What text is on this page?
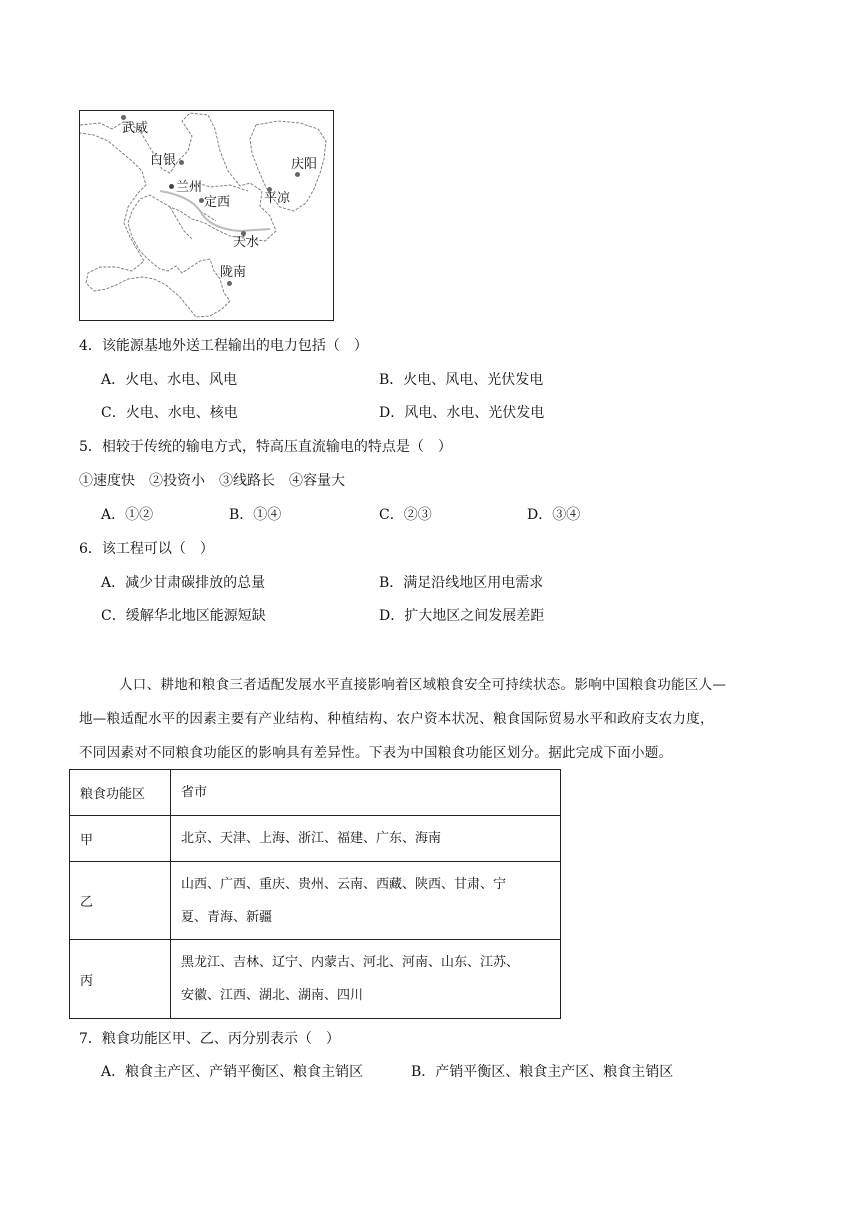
武威
白银
兰州
定西
庆阳
平凉
天水
陇南
4．该能源基地外送工程输出的电力包括（　）
A．火电、水电、风电	B．火电、风电、光伏发电
C．火电、水电、核电	D．风电、水电、光伏发电
5．相较于传统的输电方式，特高压直流输电的特点是（　）
①速度快　②投资小　③线路长　④容量大
A．①②	B．①④	C．②③	D．③④
6．该工程可以（　）
A．减少甘肃碳排放的总量	B．满足沿线地区用电需求
C．缓解华北地区能源短缺	D．扩大地区之间发展差距
人口、耕地和粮食三者适配发展水平直接影响着区域粮食安全可持续状态。影响中国粮食功能区人—
地—粮适配水平的因素主要有产业结构、种植结构、农户资本状况、粮食国际贸易水平和政府支农力度，
不同因素对不同粮食功能区的影响具有差异性。下表为中国粮食功能区划分。据此完成下面小题。
粮食功能区	省市
甲	北京、天津、上海、浙江、福建、广东、海南

乙	山西、广西、重庆、贵州、云南、西藏、陕西、甘肃、宁
夏、青海、新疆

丙	黑龙江、吉林、辽宁、内蒙古、河北、河南、山东、江苏、
安徽、江西、湖北、湖南、四川
7．粮食功能区甲、乙、丙分别表示（　）
A．粮食主产区、产销平衡区、粮食主销区	B．产销平衡区、粮食主产区、粮食主销区
